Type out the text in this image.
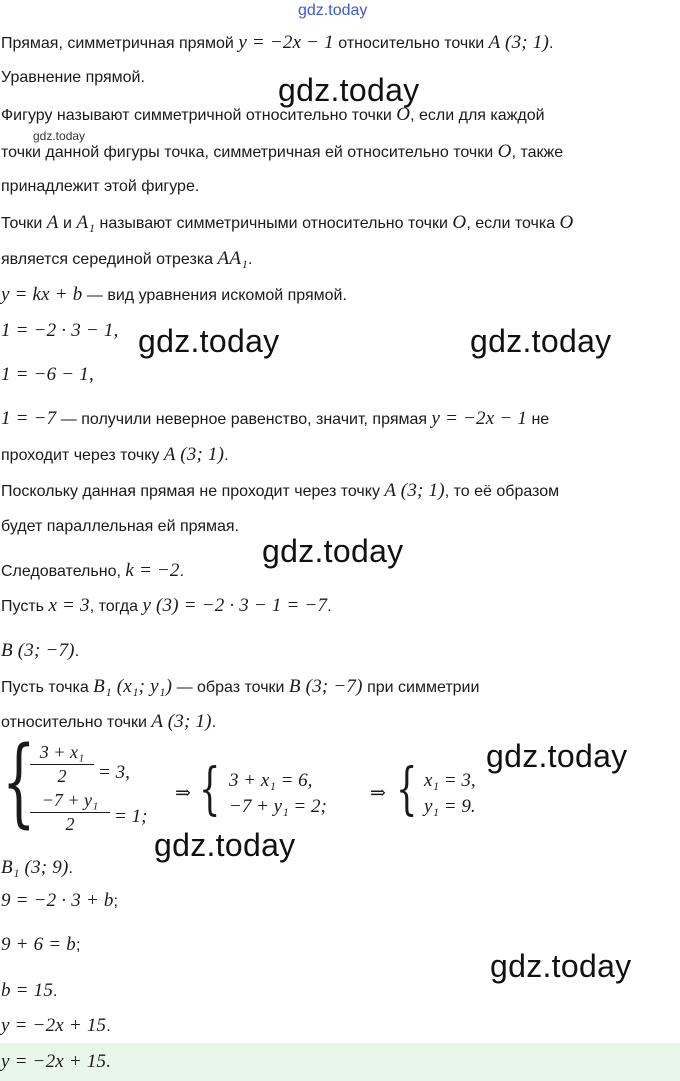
gdz.today
gdz.today
gdz.today
gdz.today	gdz.today
gdz.today
gdz.today
gdz.today
gdz.today
Прямая, симметричная прямой y = −2x − 1 относительно точки A (3; 1).
Уравнение прямой.
Фигуру называют симметричной относительно точки O, если для каждой
точки данной фигуры точка, симметричная ей относительно точки O, также
принадлежит этой фигуре.
Точки A и A₁ называют симметричными относительно точки O, если точка O
является серединой отрезка AA₁.
y = kx + b — вид уравнения искомой прямой.
1 = −2 · 3 − 1,
1 = −6 − 1,
1 = −7 — получили неверное равенство, значит, прямая y = −2x − 1 не
проходит через точку A (3; 1).
Поскольку данная прямая не проходит через точку A (3; 1), то её образом
будет параллельная ей прямая.
Следовательно, k = −2.
Пусть x = 3, тогда y (3) = −2 · 3 − 1 = −7.
B (3; −7).
Пусть точка B₁ (x₁; y₁) — образ точки B (3; −7) при симметрии
относительно точки A (3; 1).
B₁ (3; 9).
9 = −2 · 3 + b;
9 + 6 = b;
b = 15.
y = −2x + 15.
{
$\frac{\text{3 + x₁}}{2} = 3$,
$\frac{\text{−7 + y₁}}{2} = 1$;
⇒ { 3 + x₁ = 6,
−7 + y₁ = 2;
⇒ { x₁ = 3,
y₁ = 9.
y = −2x + 15.
